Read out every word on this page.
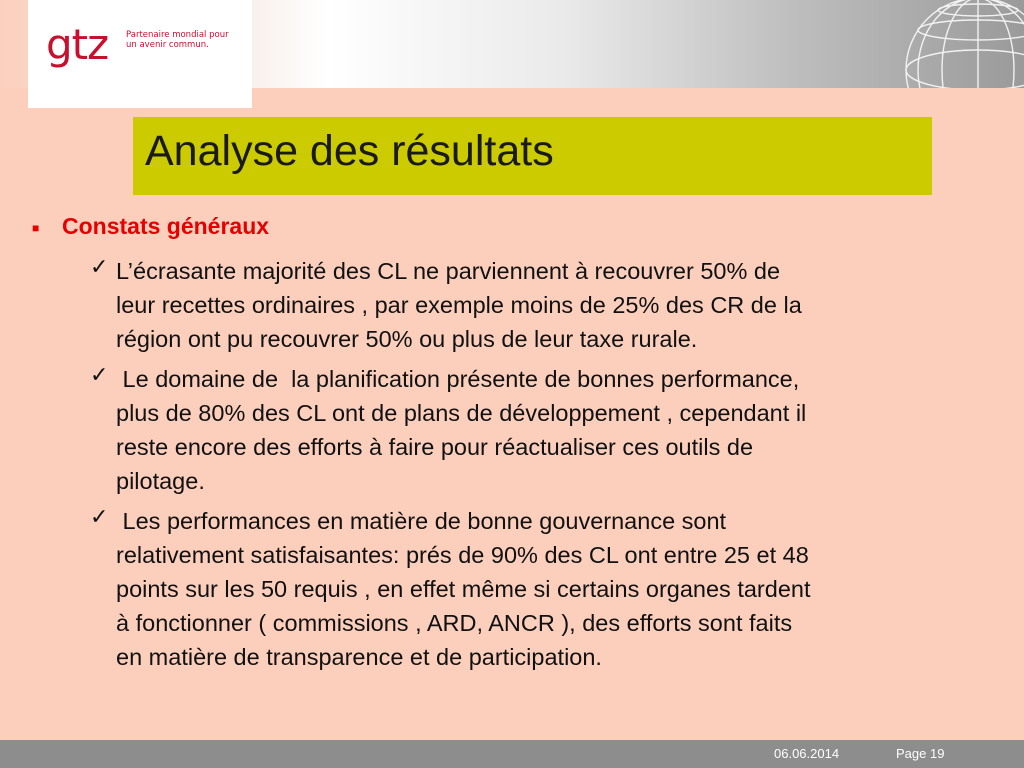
gtz Partenaire mondial pour
un avenir commun.
Analyse des résultats
■ Constats généraux
✓ L’écrasante majorité des CL ne parviennent à recouvrer 50% de
leur recettes ordinaires , par exemple moins de 25% des CR de la
région ont pu recouvrer 50% ou plus de leur taxe rurale.
✓ Le domaine de  la planification présente de bonnes performance,
plus de 80% des CL ont de plans de développement , cependant il
reste encore des efforts à faire pour réactualiser ces outils de
pilotage.
✓ Les performances en matière de bonne gouvernance sont
relativement satisfaisantes: prés de 90% des CL ont entre 25 et 48
points sur les 50 requis , en effet même si certains organes tardent
à fonctionner ( commissions , ARD, ANCR ), des efforts sont faits
en matière de transparence et de participation.
06.06.2014	Page 19
